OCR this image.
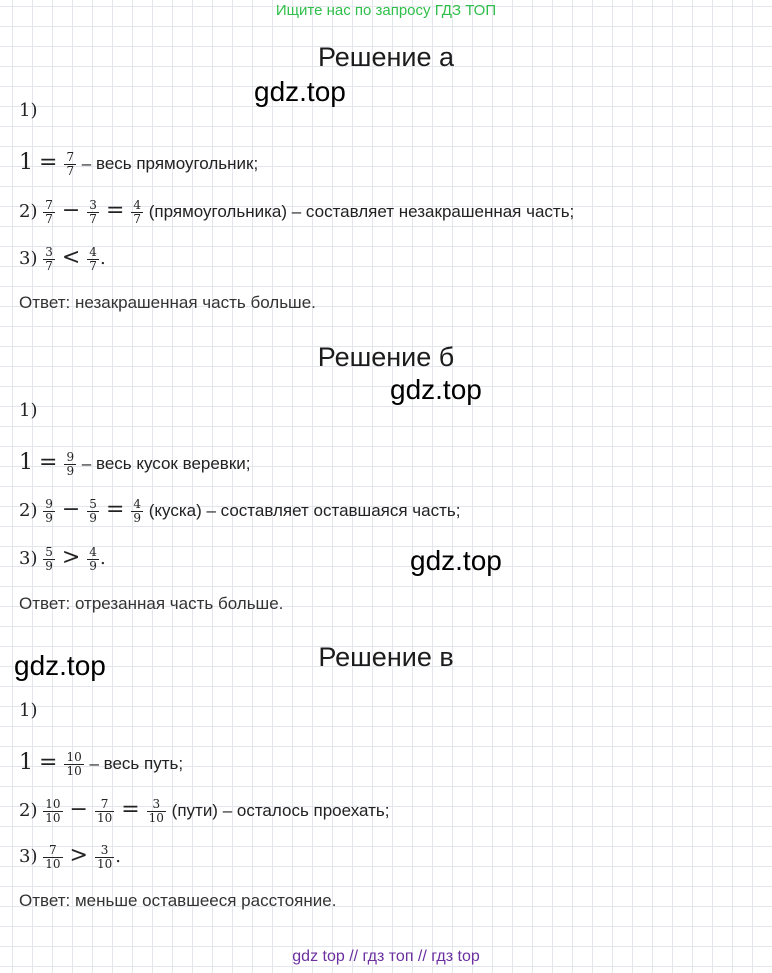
Ищите нас по запросу ГДЗ ТОП
Решение а
gdz.top
1)
$1 = \frac{7}{7}$ – весь прямоугольник;
$2) \frac{7}{7} - \frac{3}{7} = \frac{4}{7}$ (прямоугольника) – составляет незакрашенная часть;
$3) \frac{3}{7} < \frac{4}{7}$ .
Ответ: незакрашенная часть больше.
Решение б
gdz.top
1)
$1 = \frac{9}{9}$ – весь кусок веревки;
$2) \frac{9}{9} - \frac{5}{9} = \frac{4}{9}$ (куска) – составляет оставшаяся часть;
$3) \frac{5}{9} > \frac{4}{9}$ .	gdz.top
Ответ: отрезанная часть больше.
Решение в
gdz.top
1)
$1 = \frac{10}{10}$ – весь путь;
$2) \frac{10}{10} - \frac{7}{10} = \frac{3}{10}$ (пути) – осталось проехать;
$3) \frac{7}{10} > \frac{3}{10}$ .
Ответ: меньше оставшееся расстояние.
gdz top // гдз топ // гдз top
